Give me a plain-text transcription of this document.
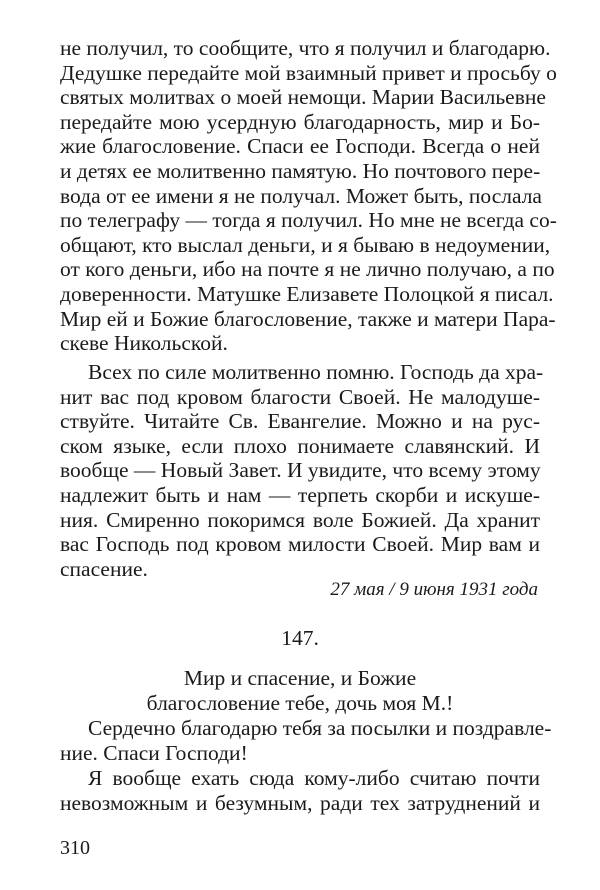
не получил, то сообщите, что я получил и благодарю.
Дедушке передайте мой взаимный привет и просьбу о
святых молитвах о моей немощи. Марии Васильевне
передайте мою усердную благодарность, мир и Бо-
жие благословение. Спаси ее Господи. Всегда о ней
и детях ее молитвенно памятую. Но почтового пере-
вода от ее имени я не получал. Может быть, послала
по телеграфу — тогда я получил. Но мне не всегда со-
общают, кто выслал деньги, и я бываю в недоумении,
от кого деньги, ибо на почте я не лично получаю, а по
доверенности. Матушке Елизавете Полоцкой я писал.
Мир ей и Божие благословение, также и матери Пара-
скеве Никольской.
Всех по силе молитвенно помню. Господь да хра-
нит вас под кровом благости Своей. Не малодуше-
ствуйте. Читайте Св. Евангелие. Можно и на рус-
ском языке, если плохо понимаете славянский. И
вообще — Новый Завет. И увидите, что всему этому
надлежит быть и нам — терпеть скорби и искуше-
ния. Смиренно покоримся воле Божией. Да хранит
вас Господь под кровом милости Своей. Мир вам и
спасение.
27 мая / 9 июня 1931 года
147.
Мир и спасение, и Божие
благословение тебе, дочь моя М.!
Сердечно благодарю тебя за посылки и поздравле-
ние. Спаси Господи!
Я вообще ехать сюда кому-либо считаю почти
невозможным и безумным, ради тех затруднений и
310
